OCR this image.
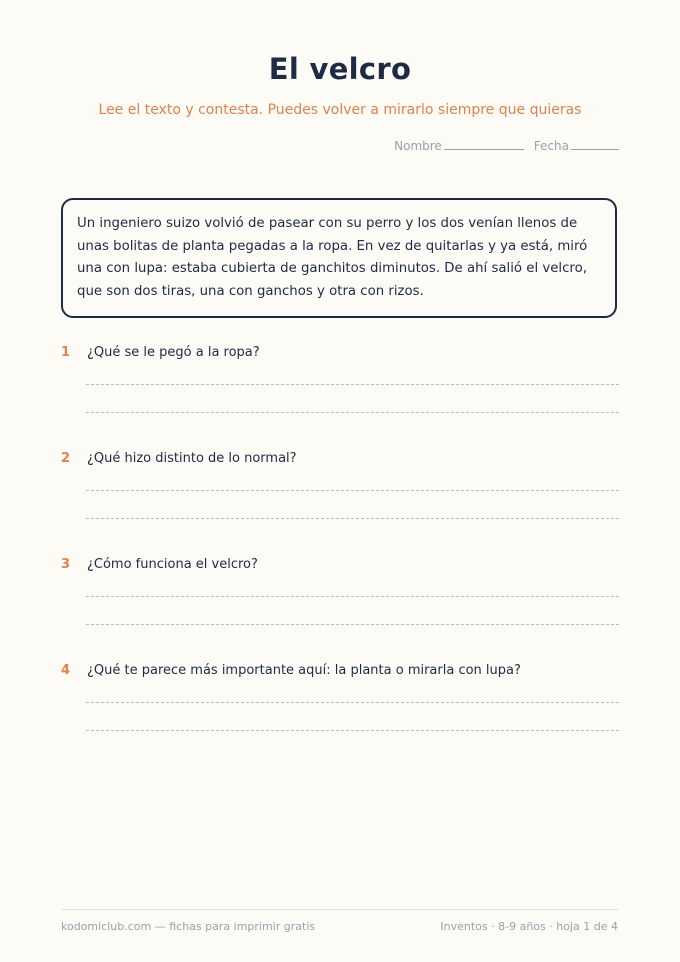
El velcro
Lee el texto y contesta. Puedes volver a mirarlo siempre que quieras
Nombre	Fecha

Un ingeniero suizo volvió de pasear con su perro y los dos venían llenos de unas bolitas de planta pegadas a la ropa. En vez de quitarlas y ya está, miró una con lupa: estaba cubierta de ganchitos diminutos. De ahí salió el velcro, que son dos tiras, una con ganchos y otra con rizos.

1	¿Qué se le pegó a la ropa?
2	¿Qué hizo distinto de lo normal?
3	¿Cómo funciona el velcro?
4	¿Qué te parece más importante aquí: la planta o mirarla con lupa?
kodomiclub.com — fichas para imprimir gratis	Inventos · 8-9 años · hoja 1 de 4
